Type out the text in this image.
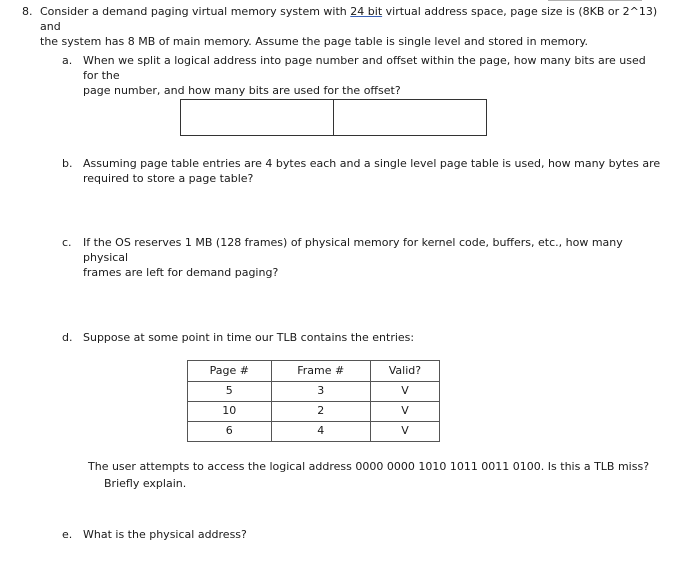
8. Consider a demand paging virtual memory system with 24 bit virtual address space, page size is (8KB or 2^13) and
the system has 8 MB of main memory. Assume the page table is single level and stored in memory.
a. When we split a logical address into page number and offset within the page, how many bits are used for the
page number, and how many bits are used for the offset?
b. Assuming page table entries are 4 bytes each and a single level page table is used, how many bytes are
required to store a page table?
c. If the OS reserves 1 MB (128 frames) of physical memory for kernel code, buffers, etc., how many physical
frames are left for demand paging?
d. Suppose at some point in time our TLB contains the entries:
Page #	Frame #	Valid?
5	3	V
10	2	V
6	4	V
The user attempts to access the logical address 0000 0000 1010 1011 0011 0100. Is this a TLB miss?
Briefly explain.
e. What is the physical address?
